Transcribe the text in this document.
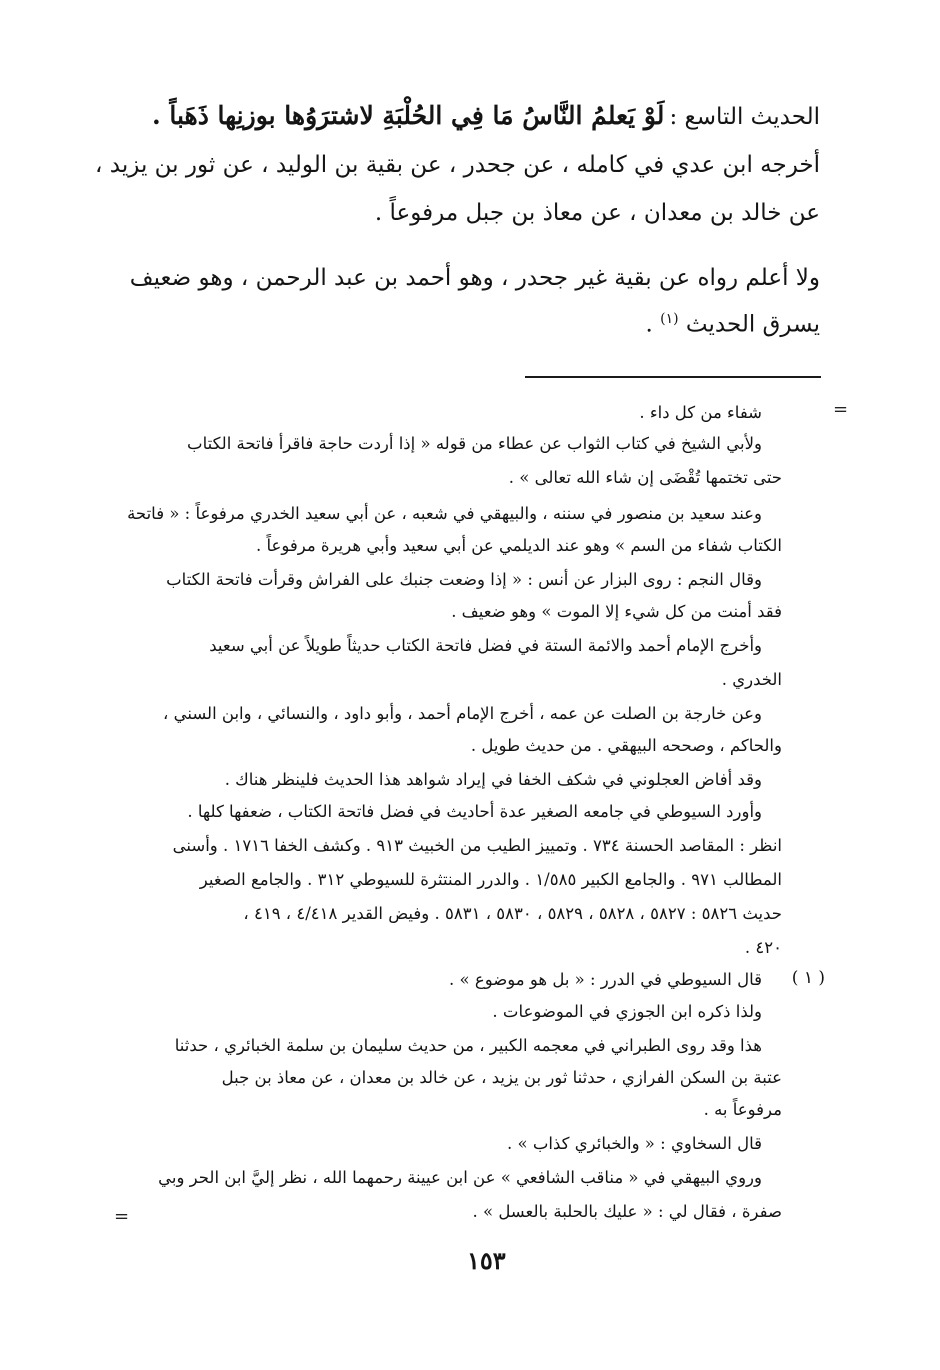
الحديث التاسع : لَوْ يَعلمُ النَّاسُ مَا فِي الحُلْبَةِ لاشترَوُها بوزنِها ذَهَباً .

أخرجه ابن عدي في كامله ، عن جحدر ، عن بقية بن الوليد ، عن ثور بن يزيد ،

عن خالد بن معدان ، عن معاذ بن جبل مرفوعاً .

ولا أعلم رواه عن بقية غير جحدر ، وهو أحمد بن عبد الرحمن ، وهو ضعيف

يسرق الحديث $^{(١)}$ .
=
=

شفاء من كل داء .

ولأبي الشيخ في كتاب الثواب عن عطاء من قوله « إذا أردت حاجة فاقرأ فاتحة الكتاب

حتى تختمها تُقْضَى إن شاء الله تعالى » .

وعند سعيد بن منصور في سننه ، والبيهقي في شعبه ، عن أبي سعيد الخدري مرفوعاً : « فاتحة

الكتاب شفاء من السم » وهو عند الديلمي عن أبي سعيد وأبي هريرة مرفوعاً .

وقال النجم : روى البزار عن أنس : « إذا وضعت جنبك على الفراش وقرأت فاتحة الكتاب

فقد أمنت من كل شيء إلا الموت » وهو ضعيف .

وأخرج الإمام أحمد والائمة الستة في فضل فاتحة الكتاب حديثاً طويلاً عن أبي سعيد

الخدري .

وعن خارجة بن الصلت عن عمه ، أخرج الإمام أحمد ، وأبو داود ، والنسائي ، وابن السني ،

والحاكم ، وصححه البيهقي . من حديث طويل .

وقد أفاض العجلوني في شكف الخفا في إيراد شواهد هذا الحديث فلينظر هناك .

وأورد السيوطي في جامعه الصغير عدة أحاديث في فضل فاتحة الكتاب ، ضعفها كلها .

انظر : المقاصد الحسنة ٧٣٤ . وتمييز الطيب من الخبيث ٩١٣ . وكشف الخفا ١٧١٦ . وأسنى

المطالب ٩٧١ . والجامع الكبير ١/٥٨٥ . والدرر المنتثرة للسيوطي ٣١٢ . والجامع الصغير

حديث ٥٨٢٦ : ٥٨٢٧ ، ٥٨٢٨ ، ٥٨٢٩ ، ٥٨٣٠ ، ٥٨٣١ . وفيض القدير ٤/٤١٨ ، ٤١٩ ،

٤٢٠ .

( ١ )

قال السيوطي في الدرر : « بل هو موضوع » .

ولذا ذكره ابن الجوزي في الموضوعات .

هذا وقد روى الطبراني في معجمه الكبير ، من حديث سليمان بن سلمة الخبائري ، حدثنا

عتبة بن السكن الفرازي ، حدثنا ثور بن يزيد ، عن خالد بن معدان ، عن معاذ بن جبل

مرفوعاً به .

قال السخاوي : « والخبائري كذاب » .

وروي البيهقي في « مناقب الشافعي » عن ابن عيينة رحمهما الله ، نظر إليَّ ابن الحر وبي

صفرة ، فقال لي : « عليك بالحلبة بالعسل » .

١٥٣
